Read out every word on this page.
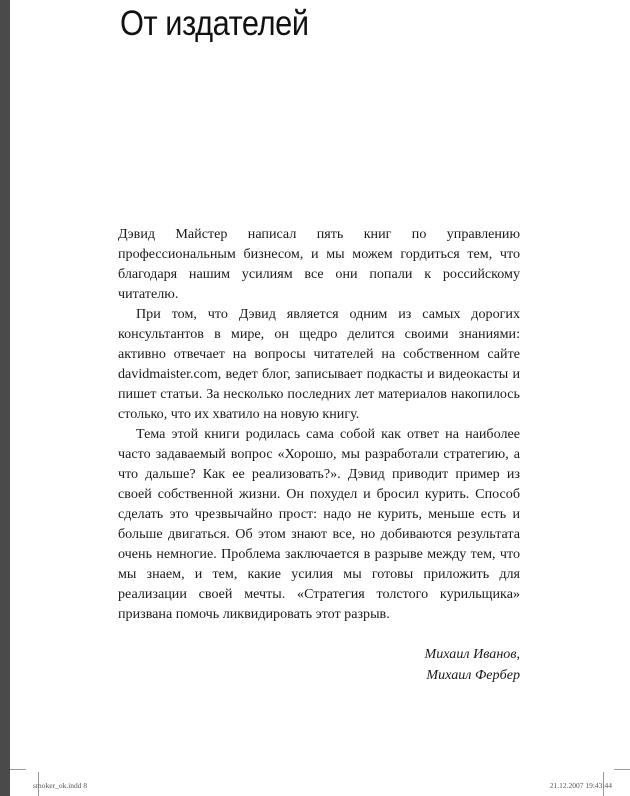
От издателей

Дэвид Майстер написал пять книг по управлению профессиональным бизнесом, и мы можем гордиться тем, что благодаря нашим усилиям все они попали к российскому читателю.

При том, что Дэвид является одним из самых дорогих консультантов в мире, он щедро делится своими знаниями: активно отвечает на вопросы читателей на собственном сайте davidmaister.com, ведет блог, записывает подкасты и видеокасты и пишет статьи. За несколько последних лет материалов накопилось столько, что их хватило на новую книгу.

Тема этой книги родилась сама собой как ответ на наиболее часто задаваемый вопрос «Хорошо, мы разработали стратегию, а что дальше? Как ее реализовать?». Дэвид приводит пример из своей собственной жизни. Он похудел и бросил курить. Способ сделать это чрезвычайно прост: надо не курить, меньше есть и больше двигаться. Об этом знают все, но добиваются результата очень немногие. Проблема заключается в разрыве между тем, что мы знаем, и тем, какие усилия мы готовы приложить для реализации своей мечты. «Стратегия толстого курильщика» призвана помочь ликвидировать этот разрыв.

Михаил Иванов,
Михаил Фербер
smoker_ok.indd 8	21.12.2007 19:43:44
